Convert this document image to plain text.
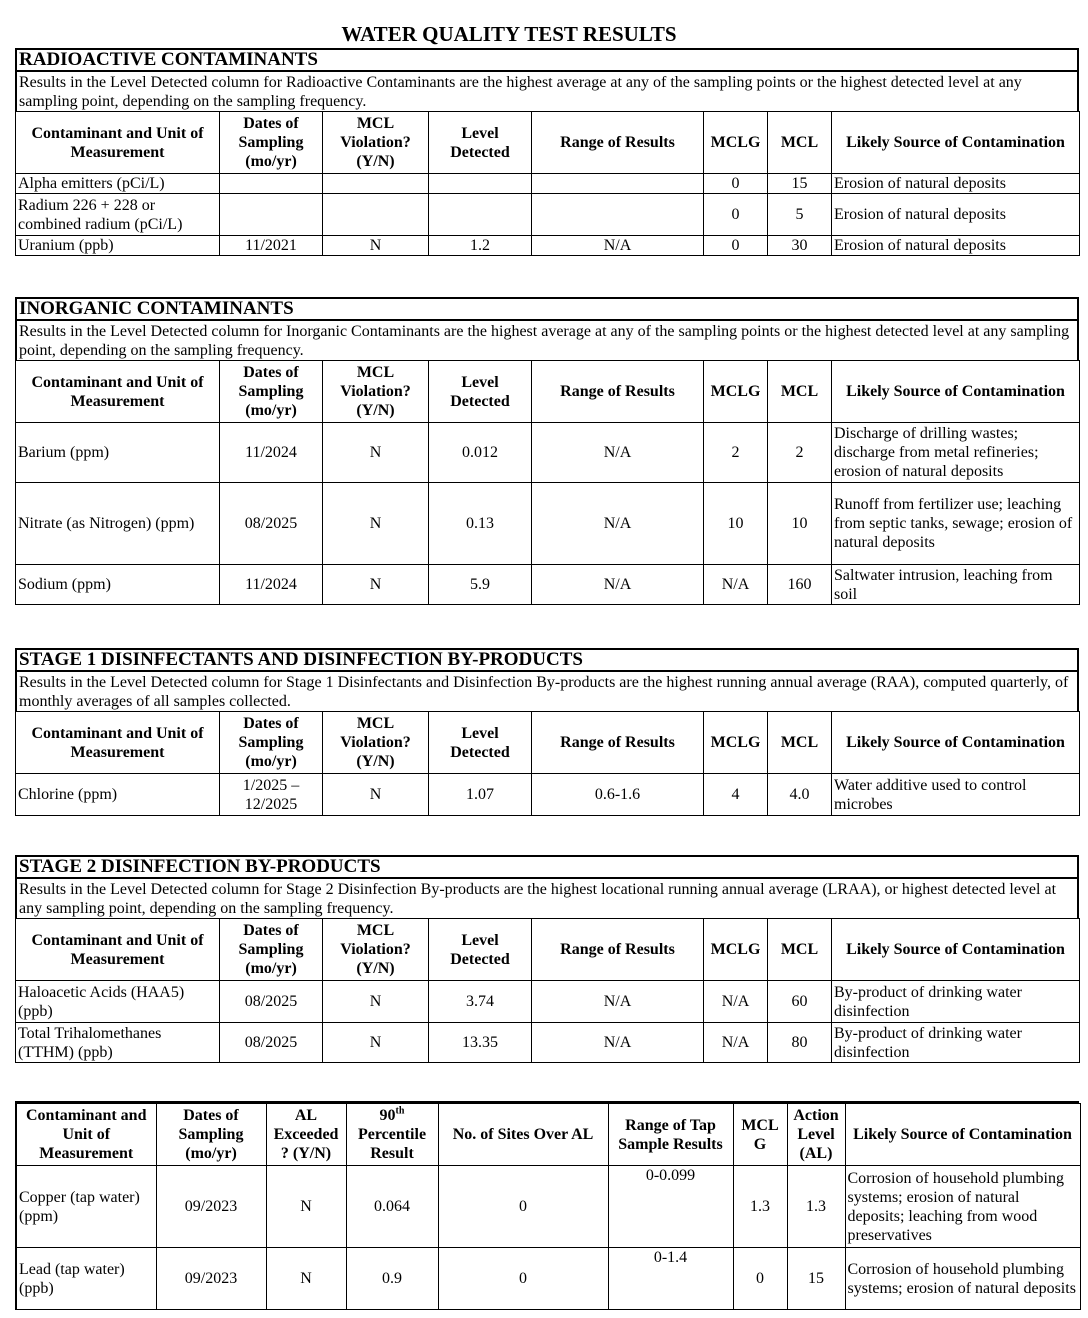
WATER QUALITY TEST RESULTS
RADIOACTIVE CONTAMINANTS
Results in the Level Detected column for Radioactive Contaminants are the highest average at any of the sampling points or the highest detected level at any sampling point, depending on the sampling frequency.
Contaminant and Unit of Measurement	Dates of Sampling (mo/yr)	MCL Violation? (Y/N)	Level Detected	Range of Results	MCLG	MCL	Likely Source of Contamination
Alpha emitters (pCi/L)					0	15	Erosion of natural deposits
Radium 226 + 228 or combined radium (pCi/L)					0	5	Erosion of natural deposits
Uranium (ppb)	11/2021	N	1.2	N/A	0	30	Erosion of natural deposits
INORGANIC CONTAMINANTS
Results in the Level Detected column for Inorganic Contaminants are the highest average at any of the sampling points or the highest detected level at any sampling point, depending on the sampling frequency.
Contaminant and Unit of Measurement	Dates of Sampling (mo/yr)	MCL Violation? (Y/N)	Level Detected	Range of Results	MCLG	MCL	Likely Source of Contamination
Barium (ppm)	11/2024	N	0.012	N/A	2	2	Discharge of drilling wastes; discharge from metal refineries; erosion of natural deposits
Nitrate (as Nitrogen) (ppm)	08/2025	N	0.13	N/A	10	10	Runoff from fertilizer use; leaching from septic tanks, sewage; erosion of natural deposits
Sodium (ppm)	11/2024	N	5.9	N/A	N/A	160	Saltwater intrusion, leaching from soil
STAGE 1 DISINFECTANTS AND DISINFECTION BY-PRODUCTS
Results in the Level Detected column for Stage 1 Disinfectants and Disinfection By-products are the highest running annual average (RAA), computed quarterly, of monthly averages of all samples collected.
Contaminant and Unit of Measurement	Dates of Sampling (mo/yr)	MCL Violation? (Y/N)	Level Detected	Range of Results	MCLG	MCL	Likely Source of Contamination
Chlorine (ppm)	1/2025 – 12/2025	N	1.07	0.6-1.6	4	4.0	Water additive used to control microbes
STAGE 2 DISINFECTION BY-PRODUCTS
Results in the Level Detected column for Stage 2 Disinfection By-products are the highest locational running annual average (LRAA), or highest detected level at any sampling point, depending on the sampling frequency.
Contaminant and Unit of Measurement	Dates of Sampling (mo/yr)	MCL Violation? (Y/N)	Level Detected	Range of Results	MCLG	MCL	Likely Source of Contamination
Haloacetic Acids (HAA5) (ppb)	08/2025	N	3.74	N/A	N/A	60	By-product of drinking water disinfection
Total Trihalomethanes (TTHM) (ppb)	08/2025	N	13.35	N/A	N/A	80	By-product of drinking water disinfection
Contaminant and Unit of Measurement	Dates of Sampling (mo/yr)	AL Exceeded ? (Y/N)	90th Percentile Result	No. of Sites Over AL	Range of Tap Sample Results	MCL G	Action Level (AL)	Likely Source of Contamination
Copper (tap water) (ppm)	09/2023	N	0.064	0	0-0.099	1.3	1.3	Corrosion of household plumbing systems; erosion of natural deposits; leaching from wood preservatives
Lead (tap water) (ppb)	09/2023	N	0.9	0	0-1.4	0	15	Corrosion of household plumbing systems; erosion of natural deposits
